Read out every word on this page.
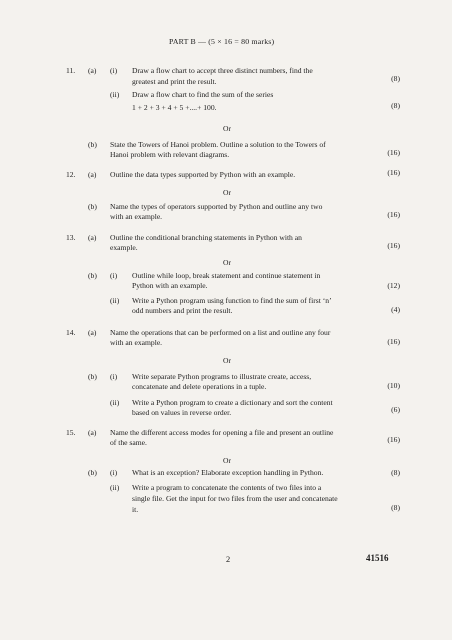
PART B — (5 × 16 = 80 marks)
11. (a) (i) Draw a flow chart to accept three distinct numbers, find the
greatest and print the result.	(8)
(ii) Draw a flow chart to find the sum of the series
1 + 2 + 3 + 4 + 5 +....+ 100.	(8)
Or
(b) State the Towers of Hanoi problem. Outline a solution to the Towers of
Hanoi problem with relevant diagrams.	(16)
12. (a) Outline the data types supported by Python with an example.	(16)
Or
(b) Name the types of operators supported by Python and outline any two
with an example.	(16)
13. (a) Outline the conditional branching statements in Python with an
example.	(16)
Or
(b) (i) Outline while loop, break statement and continue statement in
Python with an example.	(12)
(ii) Write a Python program using function to find the sum of first ‘n’
odd numbers and print the result.	(4)
14. (a) Name the operations that can be performed on a list and outline any four
with an example.	(16)
Or
(b) (i) Write separate Python programs to illustrate create, access,
concatenate and delete operations in a tuple.	(10)
(ii) Write a Python program to create a dictionary and sort the content
based on values in reverse order.	(6)
15. (a) Name the different access modes for opening a file and present an outline
of the same.	(16)
Or
(b) (i) What is an exception? Elaborate exception handling in Python.	(8)
(ii) Write a program to concatenate the contents of two files into a
single file. Get the input for two files from the user and concatenate
it.	(8)
2	41516
